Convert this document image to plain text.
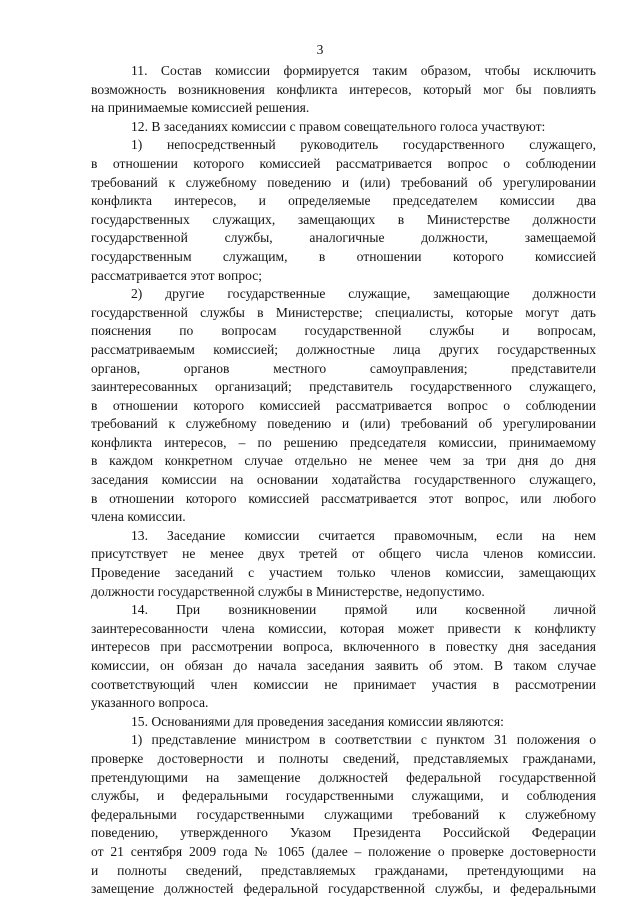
3
11. Состав комиссии формируется таким образом, чтобы исключить
возможность возникновения конфликта интересов, который мог бы повлиять
на принимаемые комиссией решения.
12. В заседаниях комиссии с правом совещательного голоса участвуют:
1) непосредственный руководитель государственного служащего,
в отношении которого комиссией рассматривается вопрос о соблюдении
требований к служебному поведению и (или) требований об урегулировании
конфликта интересов, и определяемые председателем комиссии два
государственных служащих, замещающих в Министерстве должности
государственной службы, аналогичные должности, замещаемой
государственным служащим, в отношении которого комиссией
рассматривается этот вопрос;
2) другие государственные служащие, замещающие должности
государственной службы в Министерстве; специалисты, которые могут дать
пояснения по вопросам государственной службы и вопросам,
рассматриваемым комиссией; должностные лица других государственных
органов, органов местного самоуправления; представители
заинтересованных организаций; представитель государственного служащего,
в отношении которого комиссией рассматривается вопрос о соблюдении
требований к служебному поведению и (или) требований об урегулировании
конфликта интересов, – по решению председателя комиссии, принимаемому
в каждом конкретном случае отдельно не менее чем за три дня до дня
заседания комиссии на основании ходатайства государственного служащего,
в отношении которого комиссией рассматривается этот вопрос, или любого
члена комиссии.
13. Заседание комиссии считается правомочным, если на нем
присутствует не менее двух третей от общего числа членов комиссии.
Проведение заседаний с участием только членов комиссии, замещающих
должности государственной службы в Министерстве, недопустимо.
14. При возникновении прямой или косвенной личной
заинтересованности члена комиссии, которая может привести к конфликту
интересов при рассмотрении вопроса, включенного в повестку дня заседания
комиссии, он обязан до начала заседания заявить об этом. В таком случае
соответствующий член комиссии не принимает участия в рассмотрении
указанного вопроса.
15. Основаниями для проведения заседания комиссии являются:
1) представление министром в соответствии с пунктом 31 положения о
проверке достоверности и полноты сведений, представляемых гражданами,
претендующими на замещение должностей федеральной государственной
службы, и федеральными государственными служащими, и соблюдения
федеральными государственными служащими требований к служебному
поведению, утвержденного Указом Президента Российской Федерации
от 21 сентября 2009 года № 1065 (далее – положение о проверке достоверности
и полноты сведений, представляемых гражданами, претендующими на
замещение должностей федеральной государственной службы, и федеральными
